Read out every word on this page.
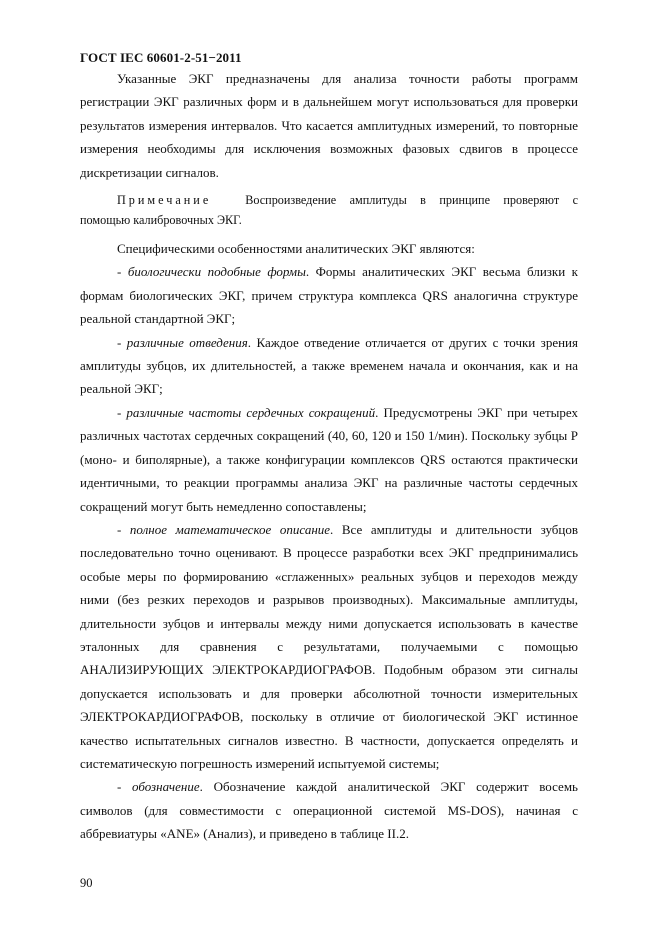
ГОСТ IEC 60601-2-51−2011

Указанные ЭКГ предназначены для анализа точности работы программ регистрации ЭКГ различных форм и в дальнейшем могут использоваться для проверки результатов измерения интервалов. Что касается амплитудных измерений, то повторные измерения необходимы для исключения возможных фазовых сдвигов в процессе дискретизации сигналов.

Примечание	Воспроизведение амплитуды в принципе проверяют с помощью калибровочных ЭКГ.

Специфическими особенностями аналитических ЭКГ являются:

- биологически подобные формы. Формы аналитических ЭКГ весьма близки к формам биологических ЭКГ, причем структура комплекса QRS аналогична структуре реальной стандартной ЭКГ;

- различные отведения. Каждое отведение отличается от других с точки зрения амплитуды зубцов, их длительностей, а также временем начала и окончания, как и на реальной ЭКГ;

- различные частоты сердечных сокращений. Предусмотрены ЭКГ при четырех различных частотах сердечных сокращений (40, 60, 120 и 150 1/мин). Поскольку зубцы Р (моно- и биполярные), а также конфигурации комплексов QRS остаются практически идентичными, то реакции программы анализа ЭКГ на различные частоты сердечных сокращений могут быть немедленно сопоставлены;

- полное математическое описание. Все амплитуды и длительности зубцов последовательно точно оценивают. В процессе разработки всех ЭКГ предпринимались особые меры по формированию «сглаженных» реальных зубцов и переходов между ними (без резких переходов и разрывов производных). Максимальные амплитуды, длительности зубцов и интервалы между ними допускается использовать в качестве эталонных для сравнения с результатами, получаемыми с помощью АНАЛИЗИРУЮЩИХ ЭЛЕКТРОКАРДИОГРАФОВ. Подобным образом эти сигналы допускается использовать и для проверки абсолютной точности измерительных ЭЛЕКТРОКАРДИОГРАФОВ, поскольку в отличие от биологической ЭКГ истинное качество испытательных сигналов известно. В частности, допускается определять и систематическую погрешность измерений испытуемой системы;

- обозначение. Обозначение каждой аналитической ЭКГ содержит восемь символов (для совместимости с операционной системой MS-DOS), начиная с аббревиатуры «ANE» (Анализ), и приведено в таблице II.2.

90
